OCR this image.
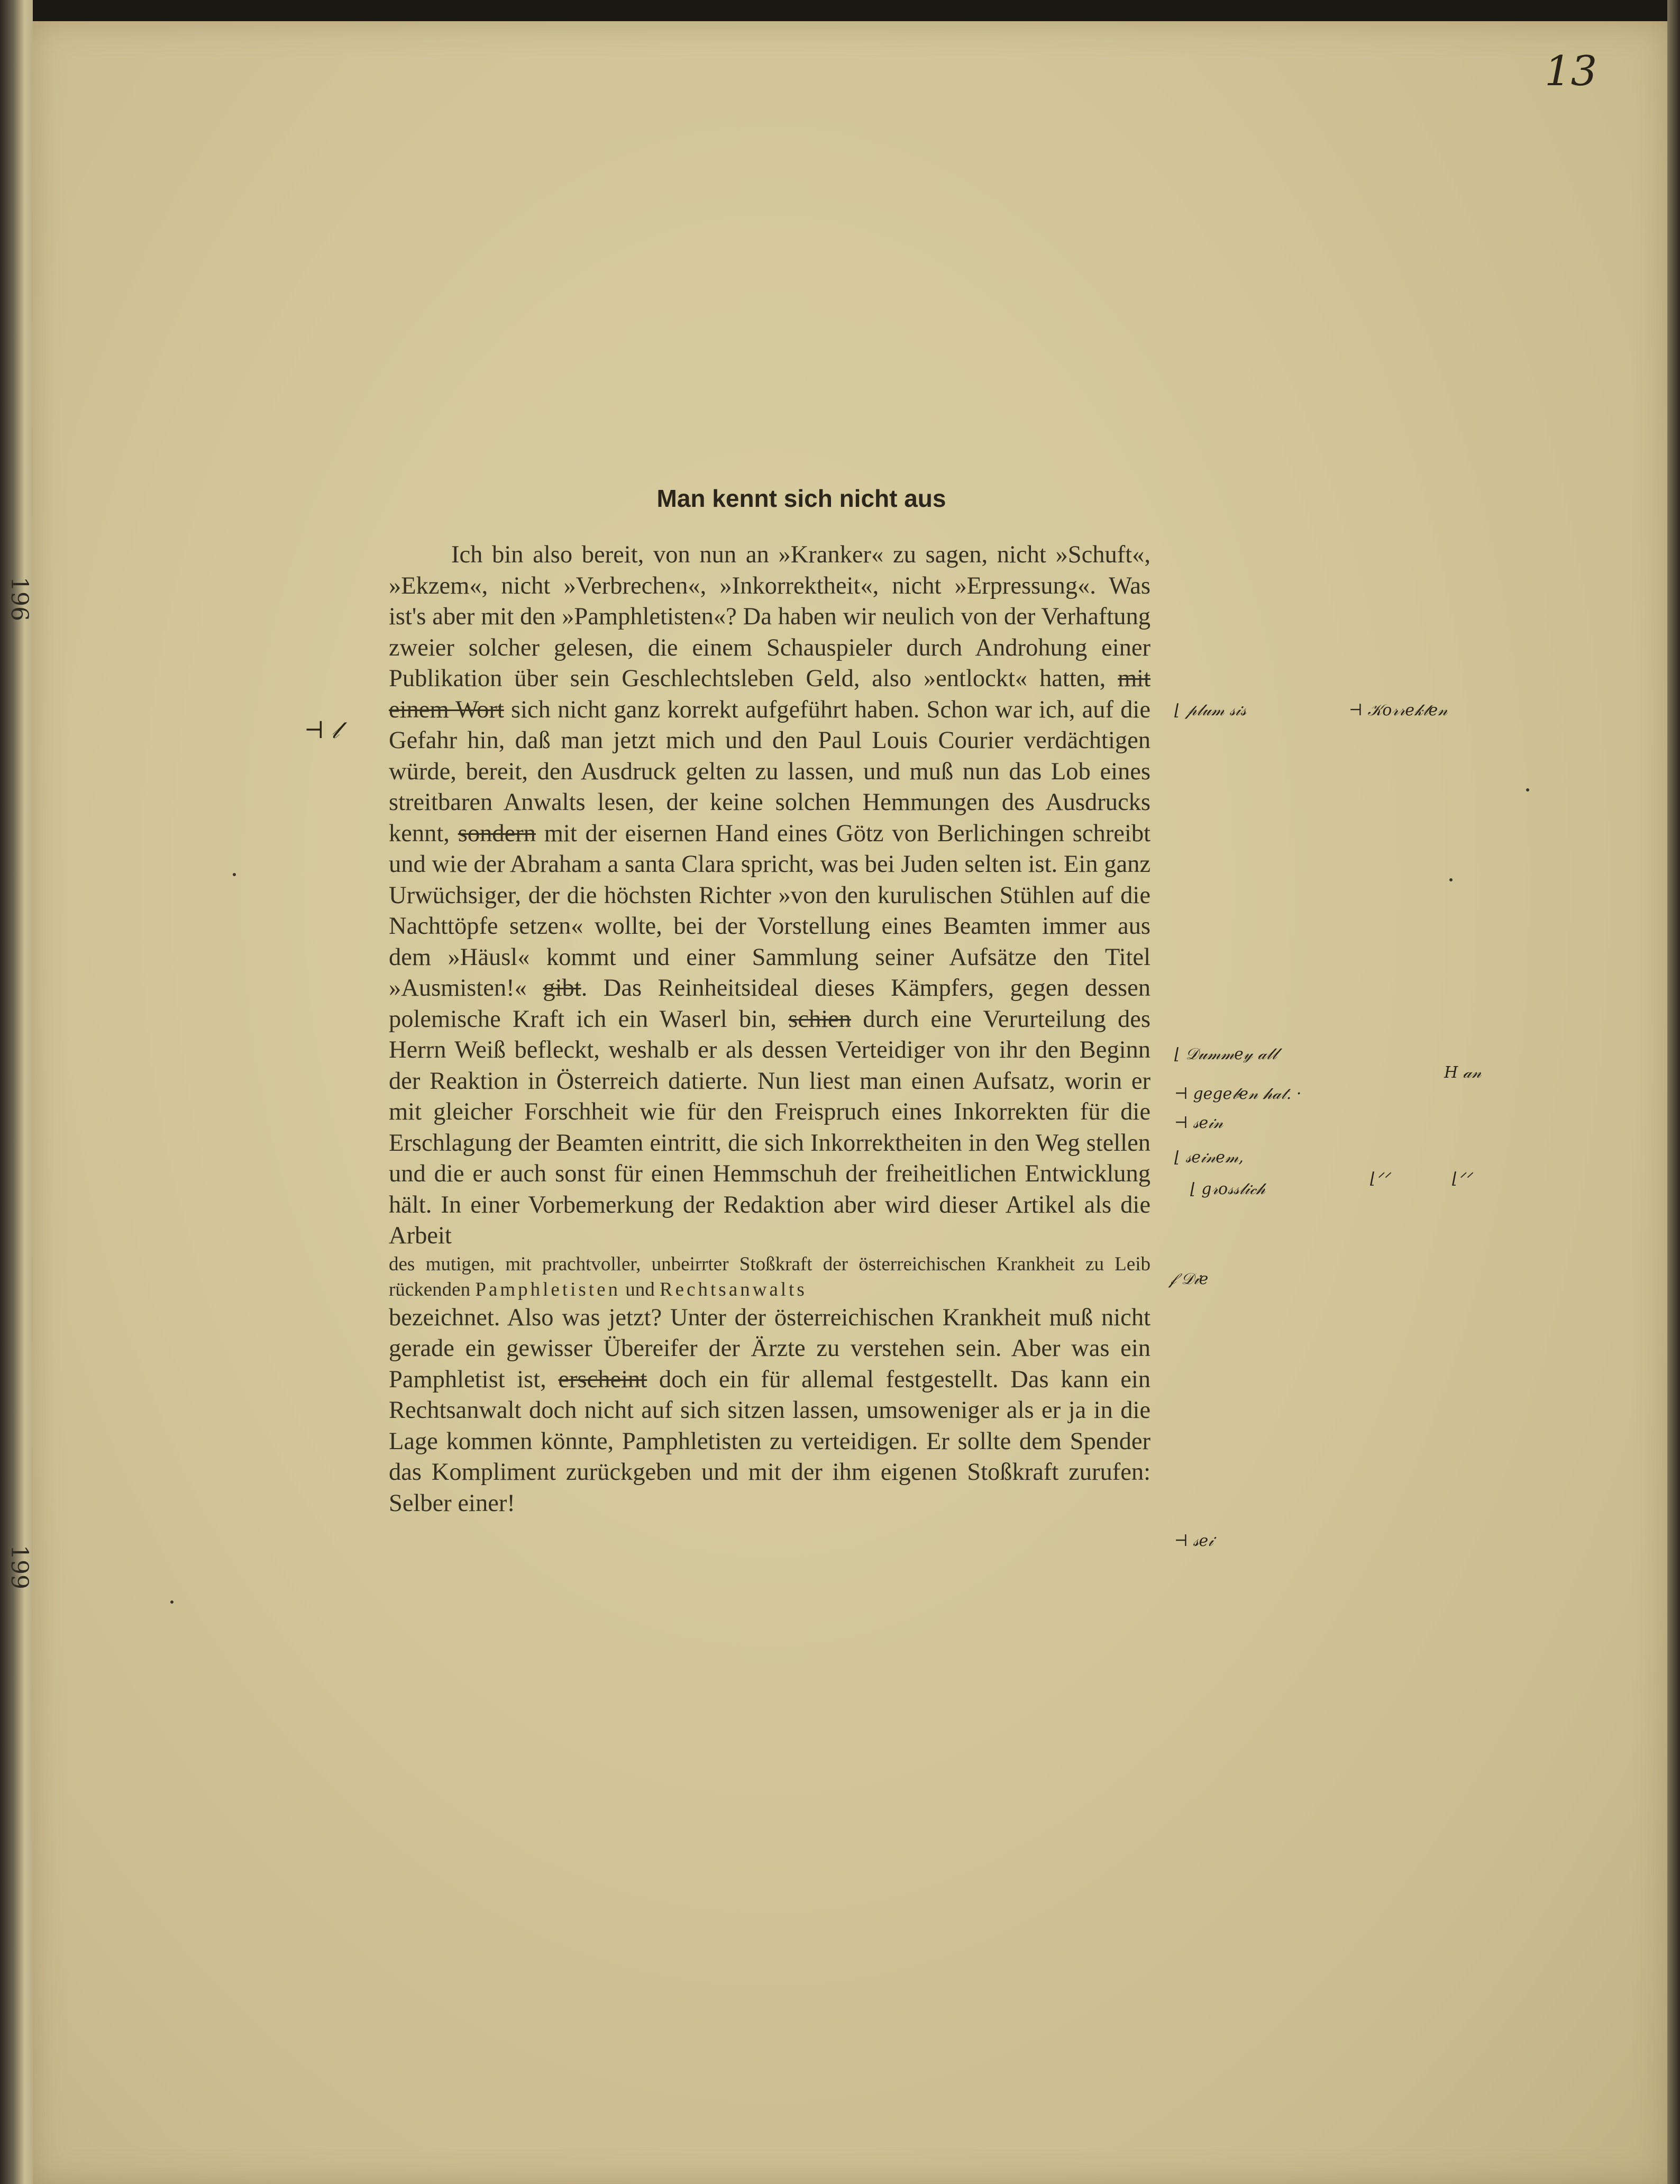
196
199
13
Man kennt sich nicht aus

Ich bin also bereit, von nun an »Kranker« zu sagen, nicht »Schuft«, »Ekzem«, nicht »Verbrechen«, »Inkorrektheit«, nicht »Erpressung«. Was ist's aber mit den »Pamphletisten«? Da haben wir neulich von der Verhaftung zweier solcher gelesen, die einem Schauspieler durch Androhung einer Publikation über sein Geschlechtsleben Geld, also »entlockt« hatten, mit einem Wort sich nicht ganz korrekt aufgeführt haben. Schon war ich, auf die Gefahr hin, daß man jetzt mich und den Paul Louis Courier verdächtigen würde, bereit, den Ausdruck gelten zu lassen, und muß nun das Lob eines streitbaren Anwalts lesen, der keine solchen Hemmungen des Ausdrucks kennt, sondern mit der eisernen Hand eines Götz von Berlichingen schreibt und wie der Abraham a santa Clara spricht, was bei Juden selten ist. Ein ganz Urwüchsiger, der die höchsten Richter »von den kurulischen Stühlen auf die Nachttöpfe setzen« wollte, bei der Vorstellung eines Beamten immer aus dem »Häusl« kommt und einer Sammlung seiner Aufsätze den Titel »Ausmisten!« gibt. Das Reinheitsideal dieses Kämpfers, gegen dessen polemische Kraft ich ein Waserl bin, schien durch eine Verurteilung des Herrn Weiß befleckt, weshalb er als dessen Verteidiger von ihr den Beginn der Reaktion in Österreich datierte. Nun liest man einen Aufsatz, worin er mit gleicher Forschheit wie für den Freispruch eines Inkorrekten für die Erschlagung der Beamten eintritt, die sich Inkorrektheiten in den Weg stellen und die er auch sonst für einen Hemmschuh der freiheitlichen Entwicklung hält. In einer Vorbemerkung der Redaktion aber wird dieser Artikel als die Arbeit

des mutigen, mit prachtvoller, unbeirrter Stoßkraft der österreichischen Krankheit zu Leib rückenden Pamphletisten und Rechtsanwalts

bezeichnet. Also was jetzt? Unter der österreichischen Krankheit muß nicht gerade ein gewisser Übereifer der Ärzte zu verstehen sein. Aber was ein Pamphletist ist, erscheint doch ein für allemal festgestellt. Das kann ein Rechtsanwalt doch nicht auf sich sitzen lassen, umsoweniger als er ja in die Lage kommen könnte, Pamphletisten zu verteidigen. Er sollte dem Spender das Kompliment zurückgeben und mit der ihm eigenen Stoßkraft zurufen: Selber einer!

⊣ 𝓁
⌊ 𝓅𝓁𝓊𝓂 𝓈𝒾𝓈	⊣ 𝒦𝑜𝓇𝓇𝑒𝓀𝓉𝑒𝓃
⌊ 𝒟𝓊𝓂𝓂𝑒𝓎 𝒶𝓁𝓁
⊣ 𝑔𝑒𝑔𝑒𝒷𝑒𝓃 𝒽𝒶𝓉. ·
𝐻 𝒶𝓃
⊣ 𝓈𝑒𝒾𝓃
⌊ 𝓈𝑒𝒾𝓃𝑒𝓂,
⌊ 𝑔𝓇𝑜𝓈𝓈𝓁𝒾𝒸𝒽
⌊ᐟᐟ	⌊ᐟᐟ
𝒻 𝒟𝒾𝑒
⊣ 𝓈𝑒𝒾
